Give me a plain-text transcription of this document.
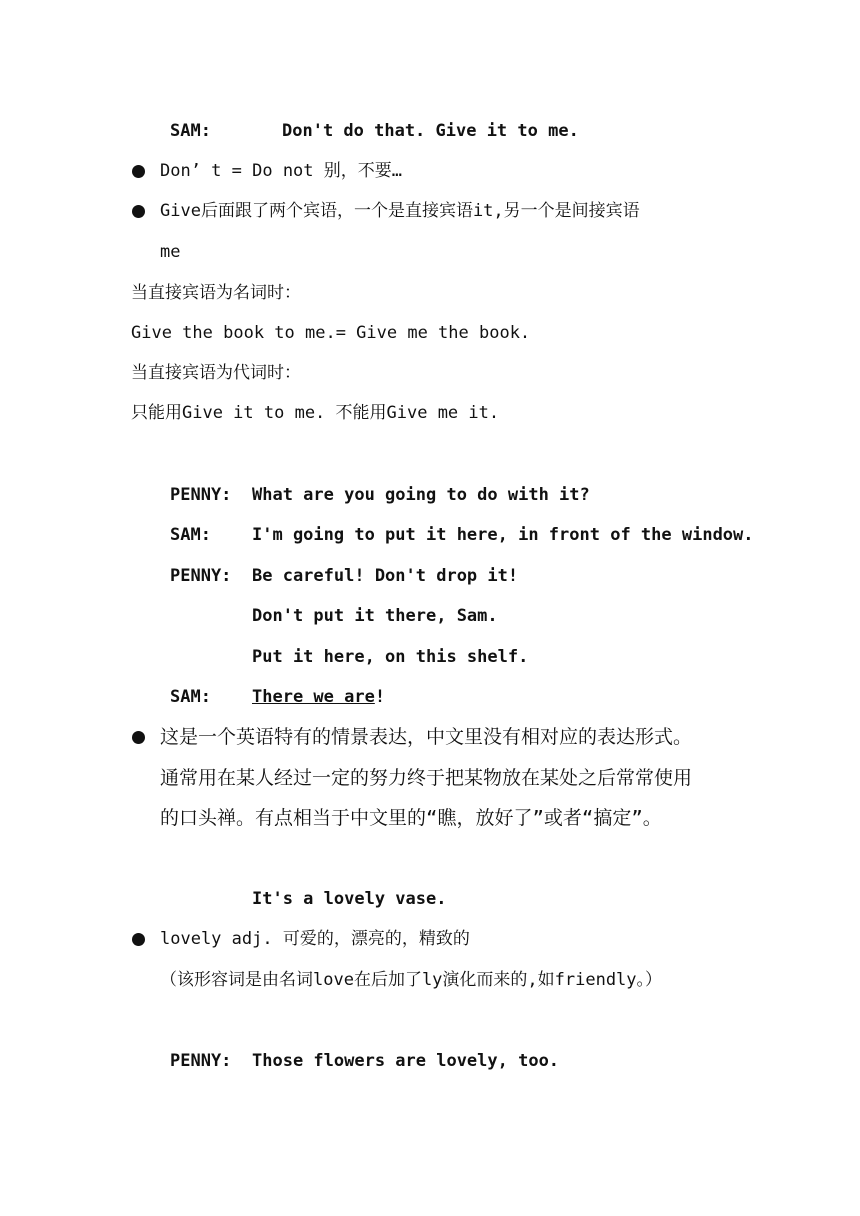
SAM:	Don't do that. Give it to me.
Don’ t = Do not 别，不要…
Give后面跟了两个宾语，一个是直接宾语it,另一个是间接宾语
me
当直接宾语为名词时：
Give the book to me.= Give me the book.
当直接宾语为代词时：
只能用Give it to me. 不能用Give me it.
PENNY: What are you going to do with it?
SAM: I'm going to put it here, in front of the window.
PENNY: Be careful! Don't drop it!
Don't put it there, Sam.
Put it here, on this shelf.
SAM: There we are!
这是一个英语特有的情景表达，中文里没有相对应的表达形式。
通常用在某人经过一定的努力终于把某物放在某处之后常常使用
的口头禅。有点相当于中文里的“瞧，放好了”或者“搞定”。
It's a lovely vase.
lovely adj. 可爱的，漂亮的，精致的
（该形容词是由名词love在后加了ly演化而来的,如friendly。）
PENNY: Those flowers are lovely, too.
